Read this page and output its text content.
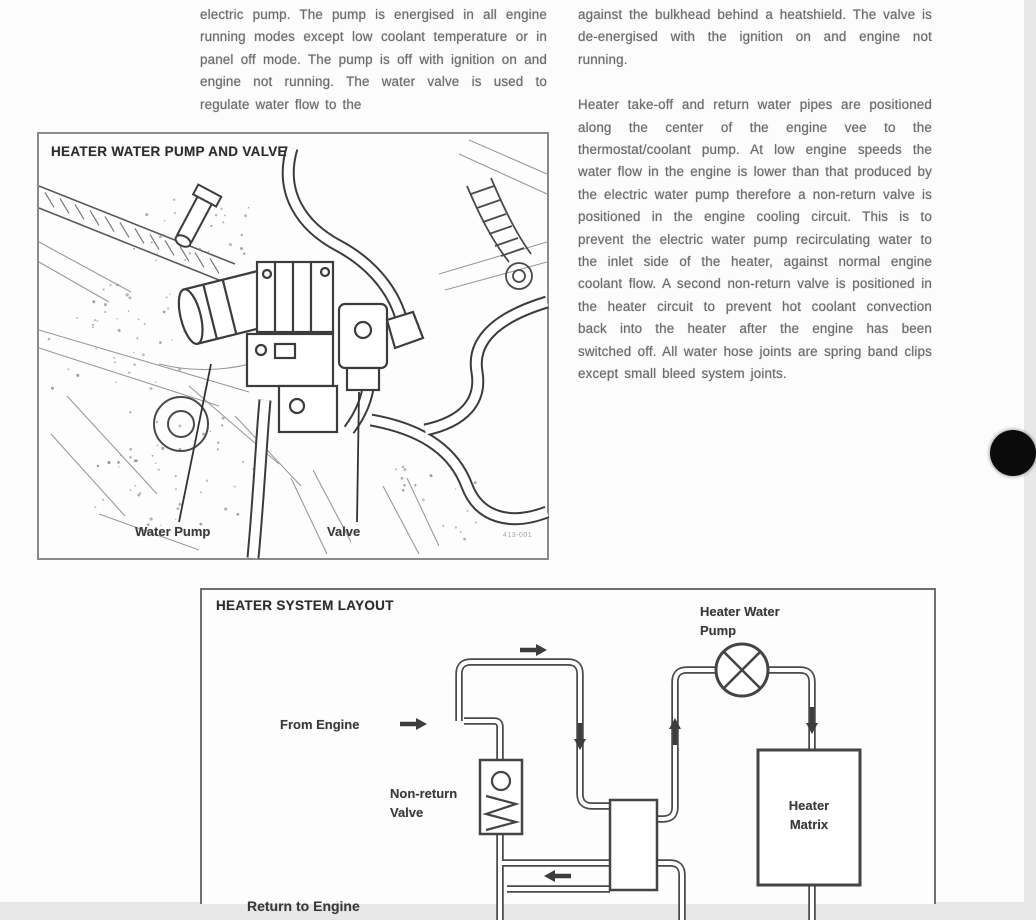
electric pump. The pump is energised in all engine running modes except low coolant temperature or in panel off mode. The pump is off with ignition on and engine not running. The water valve is used to regulate water flow to the

against the bulkhead behind a heatshield. The valve is de-energised with the ignition on and engine not running.

Heater take-off and return water pipes are positioned along the center of the engine vee to the thermostat/coolant pump. At low engine speeds the water flow in the engine is lower than that produced by the electric water pump therefore a non-return valve is positioned in the engine cooling circuit. This is to prevent the electric water pump recirculating water to the inlet side of the heater, against normal engine coolant flow. A second non-return valve is positioned in the heater circuit to prevent hot coolant convection back into the heater after the engine has been switched off. All water hose joints are spring band clips except small bleed system joints.

HEATER WATER PUMP AND VALVE
Water Pump	Valve	413-001
HEATER SYSTEM LAYOUT	Heater Water
Pump
From Engine
Non-return
Valve	Heater
Matrix
Return to Engine
